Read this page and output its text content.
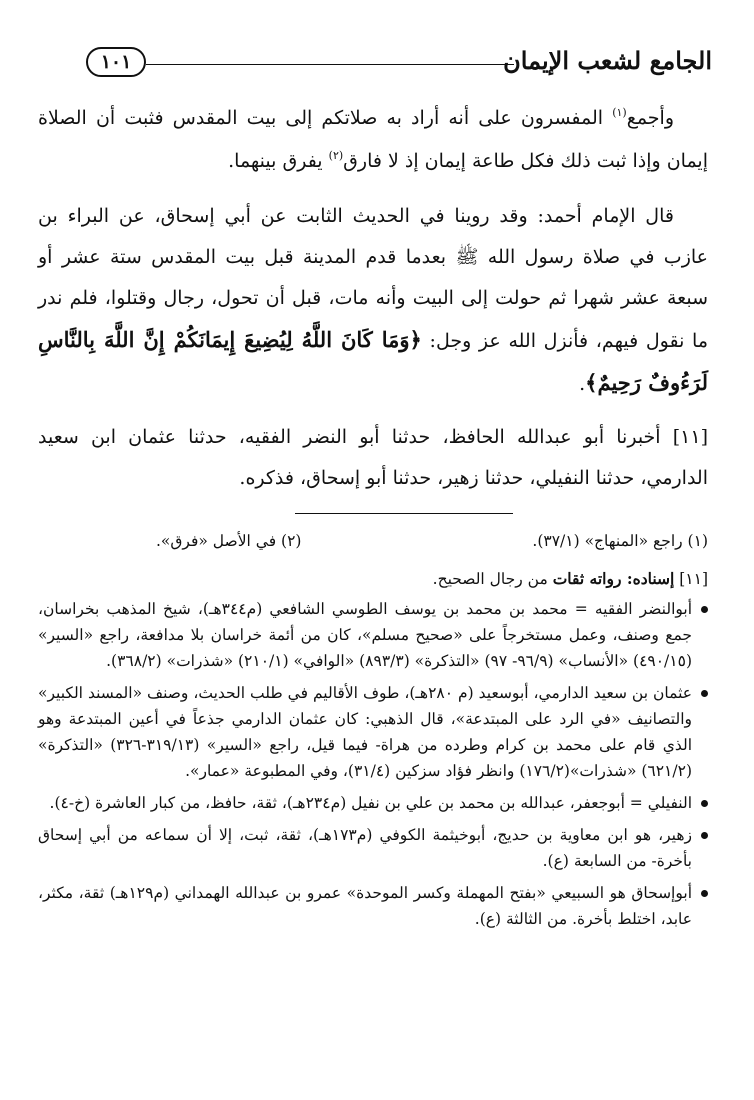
الجامع لشعب الإيمان
١٠١

وأجمع$^{(١)}$ المفسرون على أنه أراد به صلاتكم إلى بيت المقدس فثبت أن الصلاة إيمان وإذا ثبت ذلك فكل طاعة إيمان إذ لا فارق$^{(٢)}$ يفرق بينهما.

قال الإمام أحمد: وقد روينا في الحديث الثابت عن أبي إسحاق، عن البراء بن عازب في صلاة رسول الله ﷺ بعدما قدم المدينة قبل بيت المقدس ستة عشر أو سبعة عشر شهرا ثم حولت إلى البيت وأنه مات، قبل أن تحول، رجال وقتلوا، فلم ندر ما نقول فيهم، فأنزل الله عز وجل: ﴿وَمَا كَانَ اللَّهُ لِيُضِيعَ إِيمَانَكُمْ إِنَّ اللَّهَ بِالنَّاسِ لَرَءُوفٌ رَحِيمٌ﴾.

[١١] أخبرنا أبو عبدالله الحافظ، حدثنا أبو النضر الفقيه، حدثنا عثمان ابن سعيد الدارمي، حدثنا النفيلي، حدثنا زهير، حدثنا أبو إسحاق، فذكره.

(١) راجع «المنهاج» (٣٧/١).
(٢) في الأصل «فرق».

[١١] إسناده: رواته ثقات من رجال الصحيح.

أبوالنضر الفقيه = محمد بن محمد بن يوسف الطوسي الشافعي (م٣٤٤هـ)، شيخ المذهب بخراسان، جمع وصنف، وعمل مستخرجاً على «صحيح مسلم»، كان من أئمة خراسان بلا مدافعة، راجع «السير» (٤٩٠/١٥) «الأنساب» (٩٦/٩- ٩٧) «التذكرة» (٨٩٣/٣) «الوافي» (٢١٠/١) «شذرات» (٣٦٨/٢).
عثمان بن سعيد الدارمي، أبوسعيد (م ٢٨٠هـ)، طوف الأقاليم في طلب الحديث، وصنف «المسند الكبير» والتصانيف «في الرد على المبتدعة»، قال الذهبي: كان عثمان الدارمي جذعاً في أعين المبتدعة وهو الذي قام على محمد بن كرام وطرده من هراة- فيما قيل، راجع «السير» (٣١٩/١٣-٣٢٦) «التذكرة» (٦٢١/٢) «شذرات»(١٧٦/٢) وانظر فؤاد سزكين (٣١/٤)، وفي المطبوعة «عمار».
النفيلي = أبوجعفر، عبدالله بن محمد بن علي بن نفيل (م٢٣٤هـ)، ثقة، حافظ، من كبار العاشرة (خ-٤).
زهير، هو ابن معاوية بن حديج، أبوخيثمة الكوفي (م١٧٣هـ)، ثقة، ثبت، إلا أن سماعه من أبي إسحاق بأخرة- من السابعة (ع).
أبوإسحاق هو السبيعي «بفتح المهملة وكسر الموحدة» عمرو بن عبدالله الهمداني (م١٢٩هـ) ثقة، مكثر، عابد، اختلط بأخرة. من الثالثة (ع).
